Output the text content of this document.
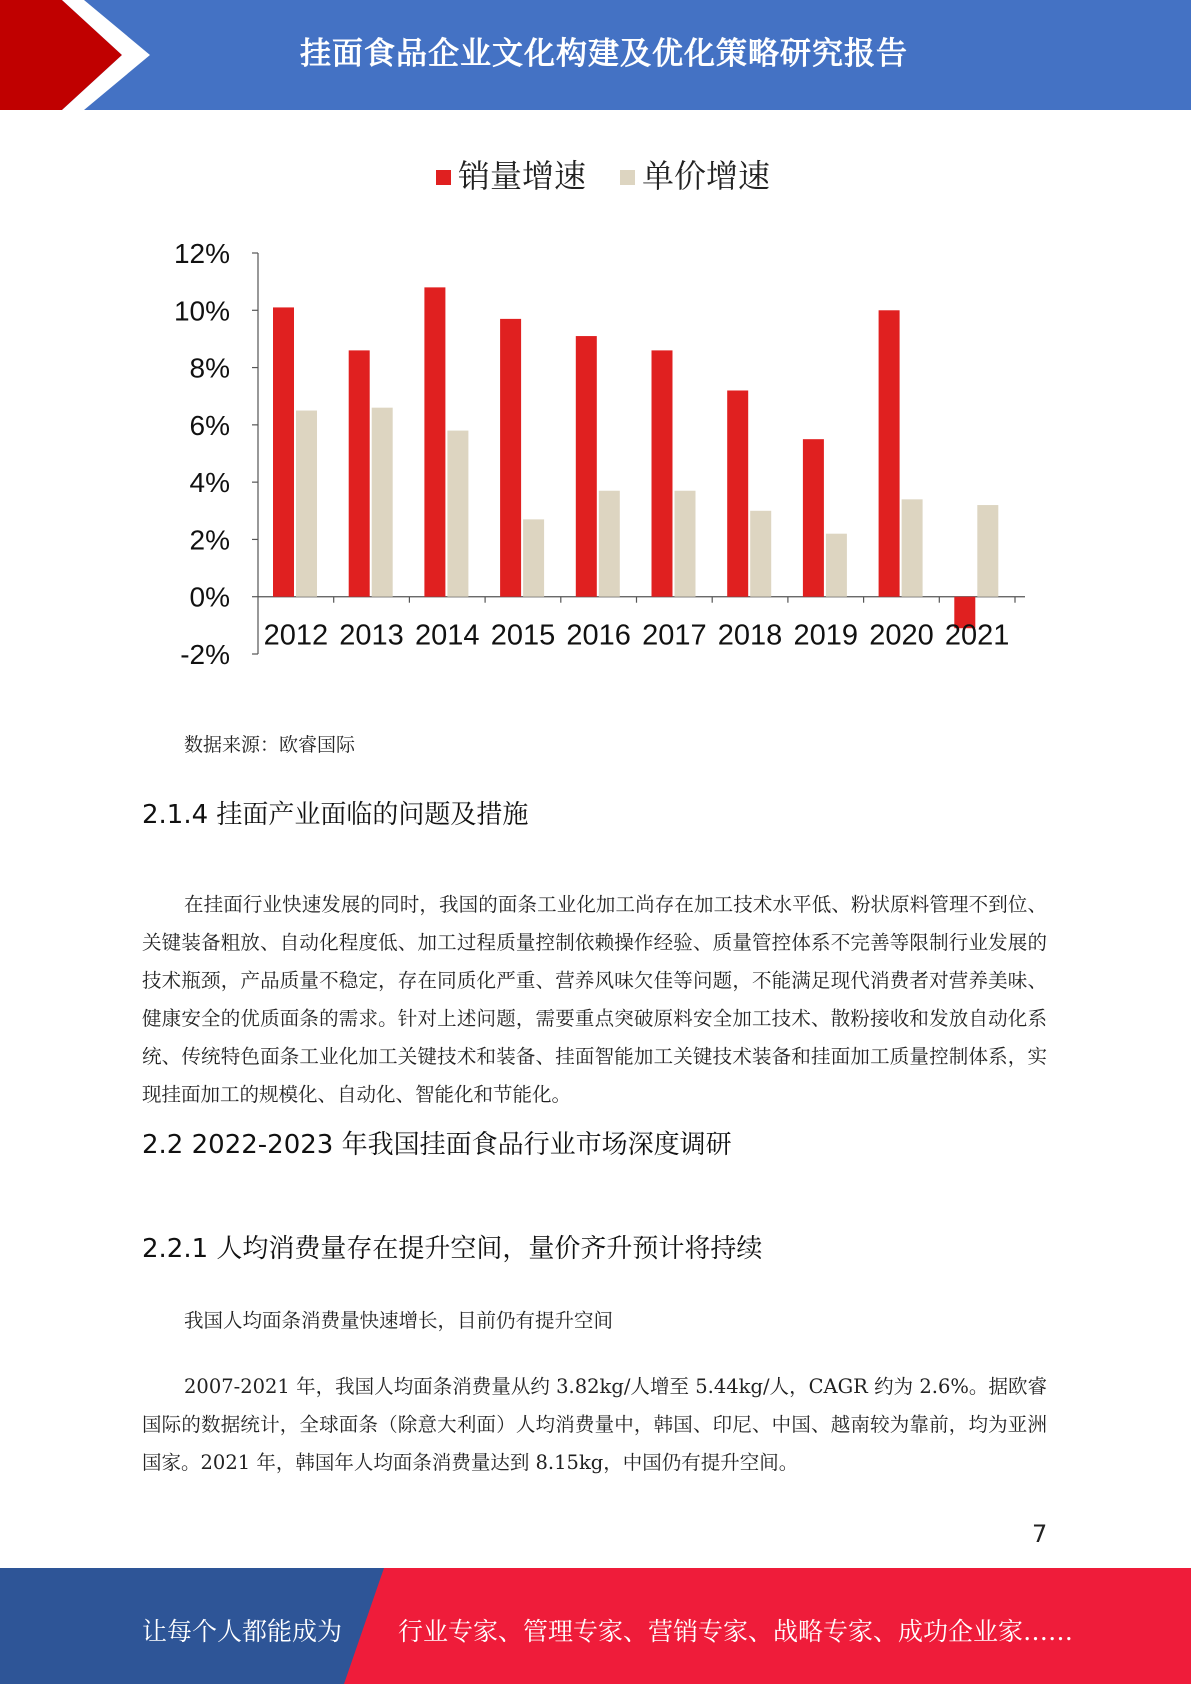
挂面食品企业文化构建及优化策略研究报告
销量增速 单价增速
12%
10%
8%
6%
4%
2%
0%
-2%
2012 2013 2014 2015 2016 2017 2018 2019 2020 2021
数据来源：欧睿国际
2.1.4 挂面产业面临的问题及措施

在挂面行业快速发展的同时，我国的面条工业化加工尚存在加工技术水平低、粉状原料管理不到位、关键装备粗放、自动化程度低、加工过程质量控制依赖操作经验、质量管控体系不完善等限制行业发展的技术瓶颈，产品质量不稳定，存在同质化严重、营养风味欠佳等问题，不能满足现代消费者对营养美味、健康安全的优质面条的需求。针对上述问题，需要重点突破原料安全加工技术、散粉接收和发放自动化系统、传统特色面条工业化加工关键技术和装备、挂面智能加工关键技术装备和挂面加工质量控制体系，实现挂面加工的规模化、自动化、智能化和节能化。

2.2 2022-2023 年我国挂面食品行业市场深度调研
2.2.1 人均消费量存在提升空间，量价齐升预计将持续
我国人均面条消费量快速增长，目前仍有提升空间

2007-2021 年，我国人均面条消费量从约 3.82kg/人增至 5.44kg/人，CAGR 约为 2.6%。据欧睿国际的数据统计，全球面条（除意大利面）人均消费量中，韩国、印尼、中国、越南较为靠前，均为亚洲国家。2021 年，韩国年人均面条消费量达到 8.15kg，中国仍有提升空间。

7
让每个人都能成为 行业专家、管理专家、营销专家、战略专家、成功企业家……
